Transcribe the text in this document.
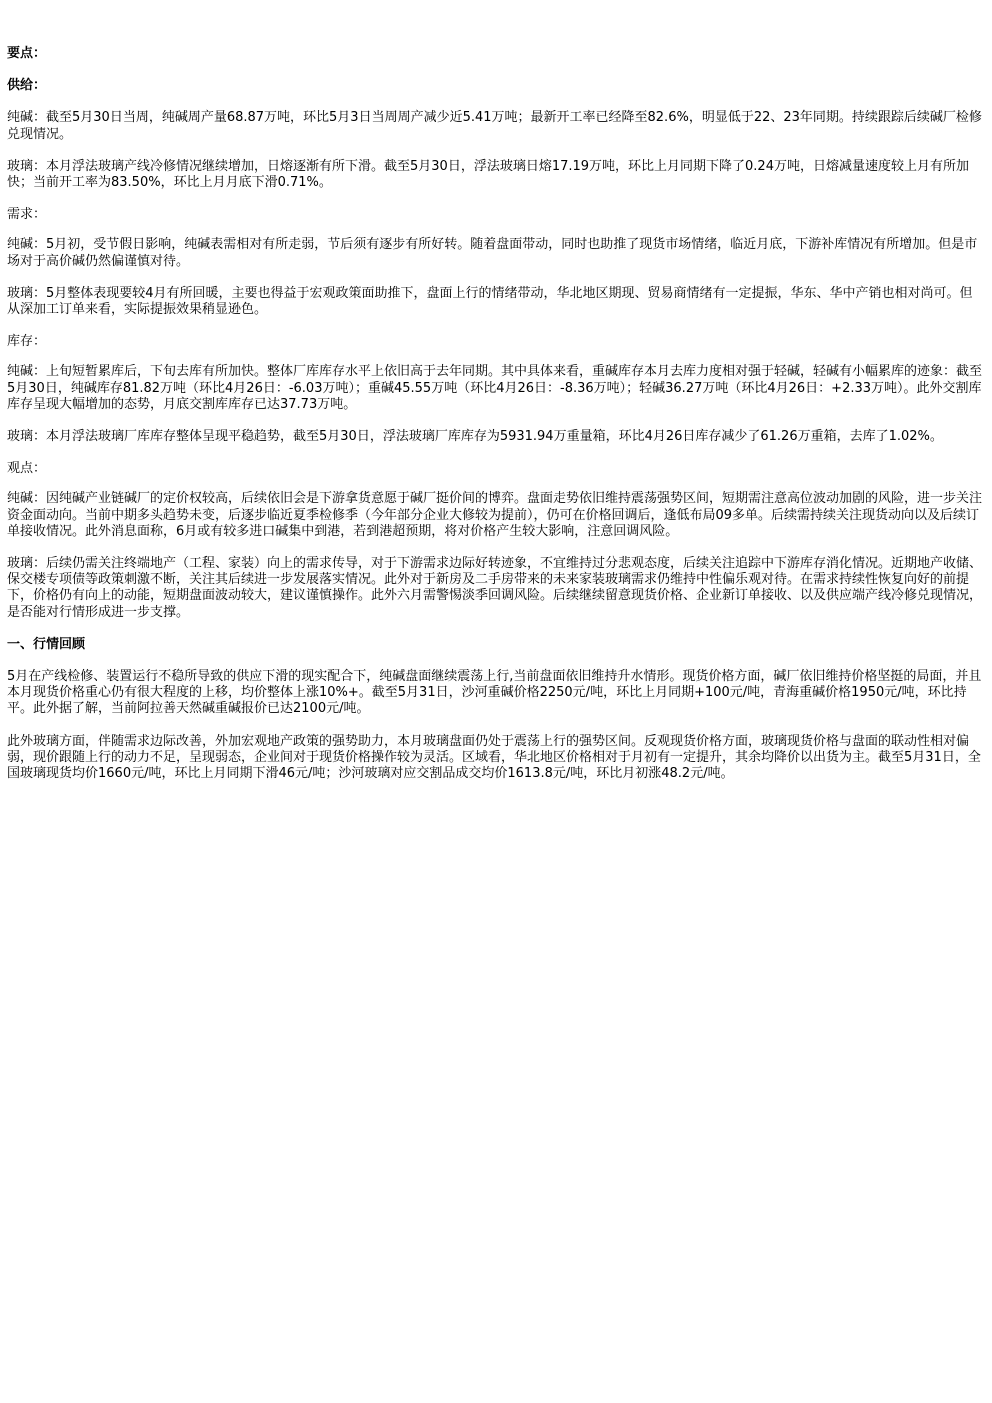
要点：

供给：

纯碱：截至5月30日当周，纯碱周产量68.87万吨，环比5月3日当周周产减少近5.41万吨；最新开工率已经降至82.6%，明显低于22、23年同期。持续跟踪后续碱厂检修兑现情况。

玻璃：本月浮法玻璃产线冷修情况继续增加，日熔逐渐有所下滑。截至5月30日，浮法玻璃日熔17.19万吨，环比上月同期下降了0.24万吨，日熔减量速度较上月有所加快；当前开工率为83.50%，环比上月月底下滑0.71%。

需求：

纯碱：5月初，受节假日影响，纯碱表需相对有所走弱，节后须有逐步有所好转。随着盘面带动，同时也助推了现货市场情绪，临近月底，下游补库情况有所增加。但是市场对于高价碱仍然偏谨慎对待。

玻璃：5月整体表现要较4月有所回暖，主要也得益于宏观政策面助推下，盘面上行的情绪带动，华北地区期现、贸易商情绪有一定提振，华东、华中产销也相对尚可。但从深加工订单来看，实际提振效果稍显逊色。

库存：

纯碱：上旬短暂累库后，下旬去库有所加快。整体厂库库存水平上依旧高于去年同期。其中具体来看，重碱库存本月去库力度相对强于轻碱，轻碱有小幅累库的迹象：截至5月30日，纯碱库存81.82万吨（环比4月26日：-6.03万吨）；重碱45.55万吨（环比4月26日：-8.36万吨）；轻碱36.27万吨（环比4月26日：+2.33万吨）。此外交割库库存呈现大幅增加的态势，月底交割库库存已达37.73万吨。

玻璃：本月浮法玻璃厂库库存整体呈现平稳趋势，截至5月30日，浮法玻璃厂库库存为5931.94万重量箱，环比4月26日库存减少了61.26万重箱，去库了1.02%。

观点：

纯碱：因纯碱产业链碱厂的定价权较高，后续依旧会是下游拿货意愿于碱厂挺价间的博弈。盘面走势依旧维持震荡强势区间，短期需注意高位波动加剧的风险，进一步关注资金面动向。当前中期多头趋势未变，后逐步临近夏季检修季（今年部分企业大修较为提前），仍可在价格回调后，逢低布局09多单。后续需持续关注现货动向以及后续订单接收情况。此外消息面称，6月或有较多进口碱集中到港，若到港超预期，将对价格产生较大影响，注意回调风险。

玻璃：后续仍需关注终端地产（工程、家装）向上的需求传导，对于下游需求边际好转迹象，不宜维持过分悲观态度，后续关注追踪中下游库存消化情况。近期地产收储、保交楼专项债等政策刺激不断，关注其后续进一步发展落实情况。此外对于新房及二手房带来的未来家装玻璃需求仍维持中性偏乐观对待。在需求持续性恢复向好的前提下，价格仍有向上的动能，短期盘面波动较大，建议谨慎操作。此外六月需警惕淡季回调风险。后续继续留意现货价格、企业新订单接收、以及供应端产线冷修兑现情况，是否能对行情形成进一步支撑。

一、行情回顾

5月在产线检修、装置运行不稳所导致的供应下滑的现实配合下，纯碱盘面继续震荡上行,当前盘面依旧维持升水情形。现货价格方面，碱厂依旧维持价格坚挺的局面，并且本月现货价格重心仍有很大程度的上移，均价整体上涨10%+。截至5月31日，沙河重碱价格2250元/吨，环比上月同期+100元/吨，青海重碱价格1950元/吨，环比持平。此外据了解，当前阿拉善天然碱重碱报价已达2100元/吨。

此外玻璃方面，伴随需求边际改善，外加宏观地产政策的强势助力，本月玻璃盘面仍处于震荡上行的强势区间。反观现货价格方面，玻璃现货价格与盘面的联动性相对偏弱，现价跟随上行的动力不足，呈现弱态，企业间对于现货价格操作较为灵活。区域看，华北地区价格相对于月初有一定提升，其余均降价以出货为主。截至5月31日，全国玻璃现货均价1660元/吨，环比上月同期下滑46元/吨；沙河玻璃对应交割品成交均价1613.8元/吨，环比月初涨48.2元/吨。
